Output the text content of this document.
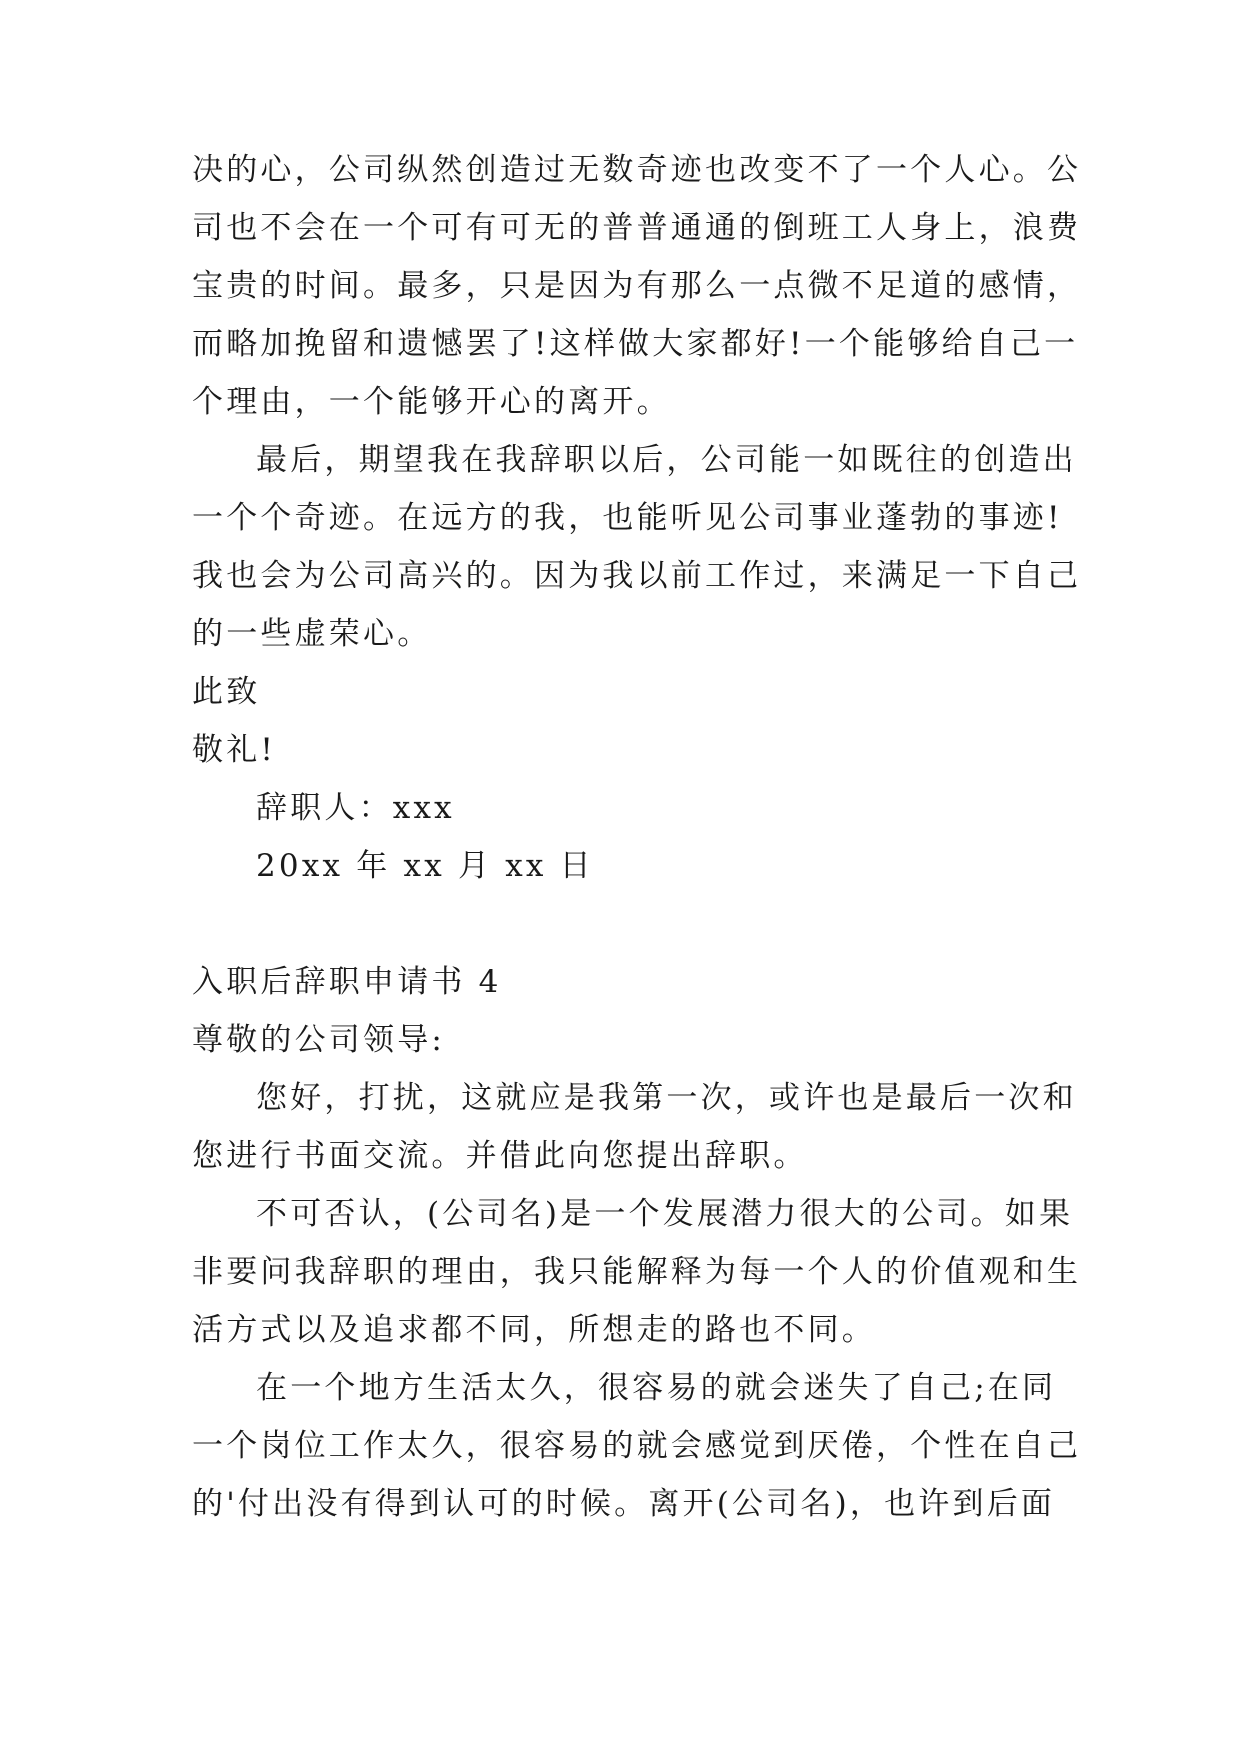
决的心，公司纵然创造过无数奇迹也改变不了一个人心。公
司也不会在一个可有可无的普普通通的倒班工人身上，浪费
宝贵的时间。最多，只是因为有那么一点微不足道的感情，
而略加挽留和遗憾罢了!这样做大家都好!一个能够给自己一
个理由，一个能够开心的离开。
最后，期望我在我辞职以后，公司能一如既往的创造出
一个个奇迹。在远方的我，也能听见公司事业蓬勃的事迹!
我也会为公司高兴的。因为我以前工作过，来满足一下自己
的一些虚荣心。
此致
敬礼!
辞职人：xxx
20xx 年 xx 月 xx 日
入职后辞职申请书 4
尊敬的公司领导:
您好，打扰，这就应是我第一次，或许也是最后一次和
您进行书面交流。并借此向您提出辞职。
不可否认，(公司名)是一个发展潜力很大的公司。如果
非要问我辞职的理由，我只能解释为每一个人的价值观和生
活方式以及追求都不同，所想走的路也不同。
在一个地方生活太久，很容易的就会迷失了自己;在同
一个岗位工作太久，很容易的就会感觉到厌倦，个性在自己
的'付出没有得到认可的时候。离开(公司名)，也许到后面
